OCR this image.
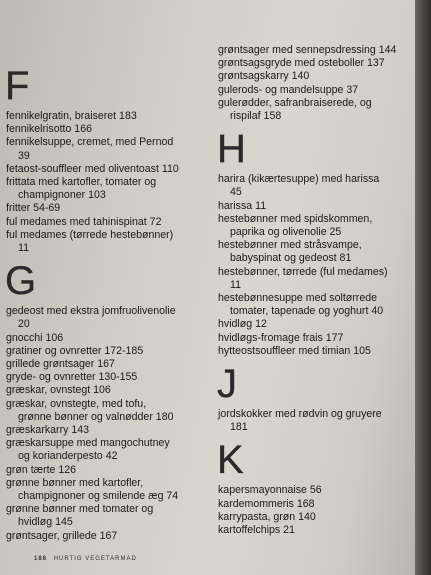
F

fennikelgratin, braiseret 183

fennikelrisotto 166

fennikelsuppe, cremet, med Pernod

39

fetaost-souffleer med oliventoast 110

frittata med kartofler, tomater og

champignoner 103

fritter 54-69

ful medames med tahinispinat 72

ful medames (tørrede hestebønner)

11

G

gedeost med ekstra jomfruolivenolie

20

gnocchi 106

gratiner og ovnretter 172-185

grillede grøntsager 167

gryde- og ovnretter 130-155

græskar, ovnstegt 106

græskar, ovnstegte, med tofu,

grønne bønner og valnødder 180

græskarkarry 143

græskarsuppe med mangochutney

og korianderpesto 42

grøn tærte 126

grønne bønner med kartofler,

champignoner og smilende æg 74

grønne bønner med tomater og

hvidløg 145

grøntsager, grillede 167

grøntsager med sennepsdressing 144

grøntsagsgryde med osteboller 137

grøntsagskarry 140

gulerods- og mandelsuppe 37

gulerødder, safranbraiserede, og

rispilaf 158

H

harira (kikærtesuppe) med harissa

45

harissa 11

hestebønner med spidskommen,

paprika og olivenolie 25

hestebønner med stråsvampe,

babyspinat og gedeost 81

hestebønner, tørrede (ful medames)

11

hestebønnesuppe med soltørrede

tomater, tapenade og yoghurt 40

hvidløg 12

hvidløgs-fromage frais 177

hytteostsoufflеer med timian 105

J

jordskokker med rødvin og gruyere

181

K

kapersmayonnaise 56

kardemommeris 168

karrypasta, grøn 140

kartoffelchips 21

188 HURTIG VEGETARMAD
